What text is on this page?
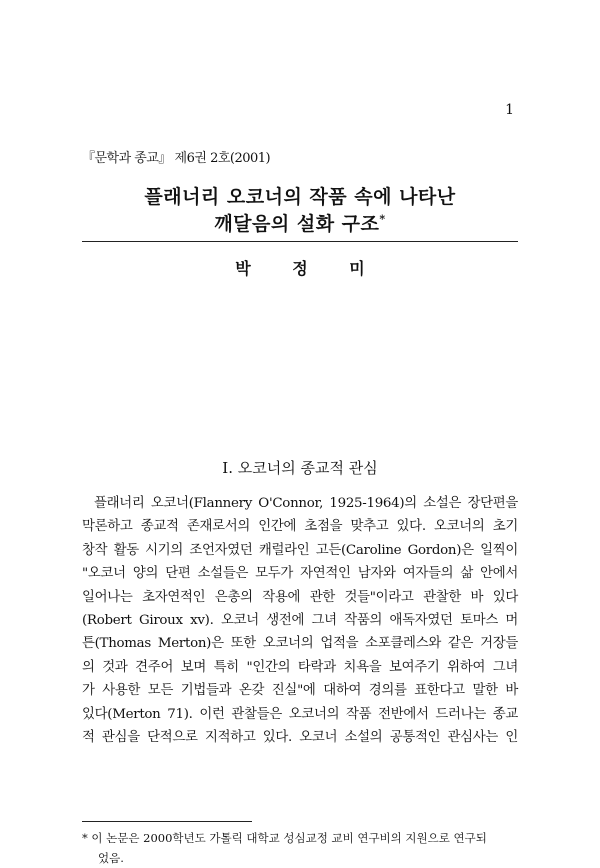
1
『문학과 종교』 제6권 2호(2001)
플래너리 오코너의 작품 속에 나타난
깨달음의 설화 구조*
박 정 미
Ⅰ. 오코너의 종교적 관심
플래너리 오코너(Flannery O'Connor, 1925-1964)의 소설은 장단편을
막론하고 종교적 존재로서의 인간에 초점을 맞추고 있다. 오코너의 초기
창작 활동 시기의 조언자였던 캐럴라인 고든(Caroline Gordon)은 일찍이
"오코너 양의 단편 소설들은 모두가 자연적인 남자와 여자들의 삶 안에서
일어나는 초자연적인 은총의 작용에 관한 것들"이라고 관찰한 바 있다
(Robert Giroux xv). 오코너 생전에 그녀 작품의 애독자였던 토마스 머
튼(Thomas Merton)은 또한 오코너의 업적을 소포클레스와 같은 거장들
의 것과 견주어 보며 특히 "인간의 타락과 치욕을 보여주기 위하여 그녀
가 사용한 모든 기법들과 온갖 진실"에 대하여 경의를 표한다고 말한 바
있다(Merton 71). 이런 관찰들은 오코너의 작품 전반에서 드러나는 종교
적 관심을 단적으로 지적하고 있다. 오코너 소설의 공통적인 관심사는 인
* 이 논문은 2000학년도 가톨릭 대학교 성심교정 교비 연구비의 지원으로 연구되
었음.
